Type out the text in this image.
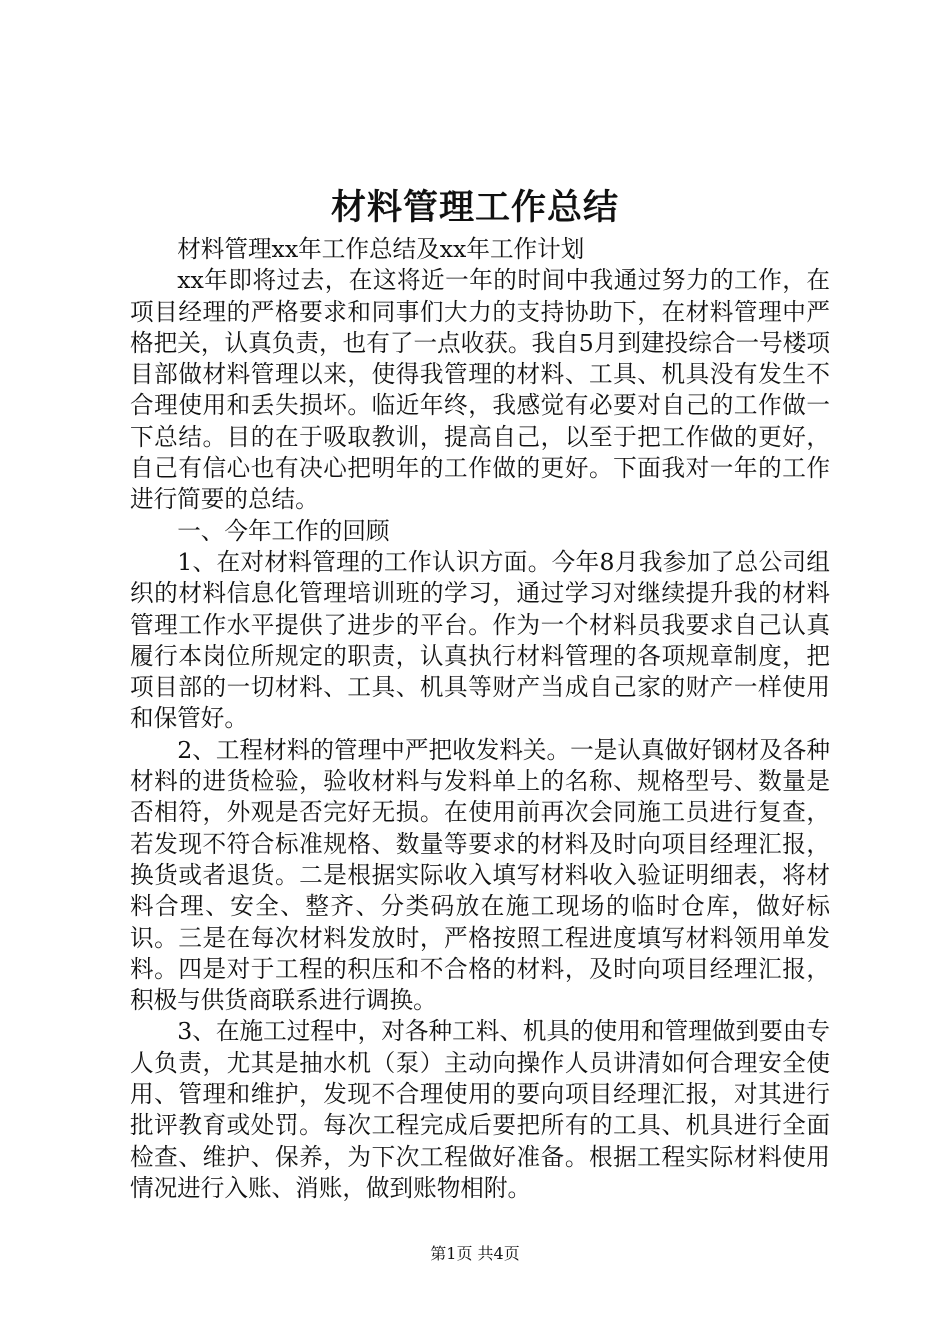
材料管理工作总结

材料管理xx年工作总结及xx年工作计划

xx年即将过去，在这将近一年的时间中我通过努力的工作，在项目经理的严格要求和同事们大力的支持协助下，在材料管理中严格把关，认真负责，也有了一点收获。我自5月到建投综合一号楼项目部做材料管理以来，使得我管理的材料、工具、机具没有发生不合理使用和丢失损坏。临近年终，我感觉有必要对自己的工作做一下总结。目的在于吸取教训，提高自己，以至于把工作做的更好，自己有信心也有决心把明年的工作做的更好。下面我对一年的工作进行简要的总结。

一、今年工作的回顾

1、在对材料管理的工作认识方面。今年8月我参加了总公司组织的材料信息化管理培训班的学习，通过学习对继续提升我的材料管理工作水平提供了进步的平台。作为一个材料员我要求自己认真履行本岗位所规定的职责，认真执行材料管理的各项规章制度，把项目部的一切材料、工具、机具等财产当成自己家的财产一样使用和保管好。

2、工程材料的管理中严把收发料关。一是认真做好钢材及各种材料的进货检验，验收材料与发料单上的名称、规格型号、数量是否相符，外观是否完好无损。在使用前再次会同施工员进行复查，若发现不符合标准规格、数量等要求的材料及时向项目经理汇报，换货或者退货。二是根据实际收入填写材料收入验证明细表，将材料合理、安全、整齐、分类码放在施工现场的临时仓库，做好标识。三是在每次材料发放时，严格按照工程进度填写材料领用单发料。四是对于工程的积压和不合格的材料，及时向项目经理汇报，积极与供货商联系进行调换。

3、在施工过程中，对各种工料、机具的使用和管理做到要由专人负责，尤其是抽水机（泵）主动向操作人员讲清如何合理安全使用、管理和维护，发现不合理使用的要向项目经理汇报，对其进行批评教育或处罚。每次工程完成后要把所有的工具、机具进行全面检查、维护、保养，为下次工程做好准备。根据工程实际材料使用情况进行入账、消账，做到账物相附。

第1页 共4页
